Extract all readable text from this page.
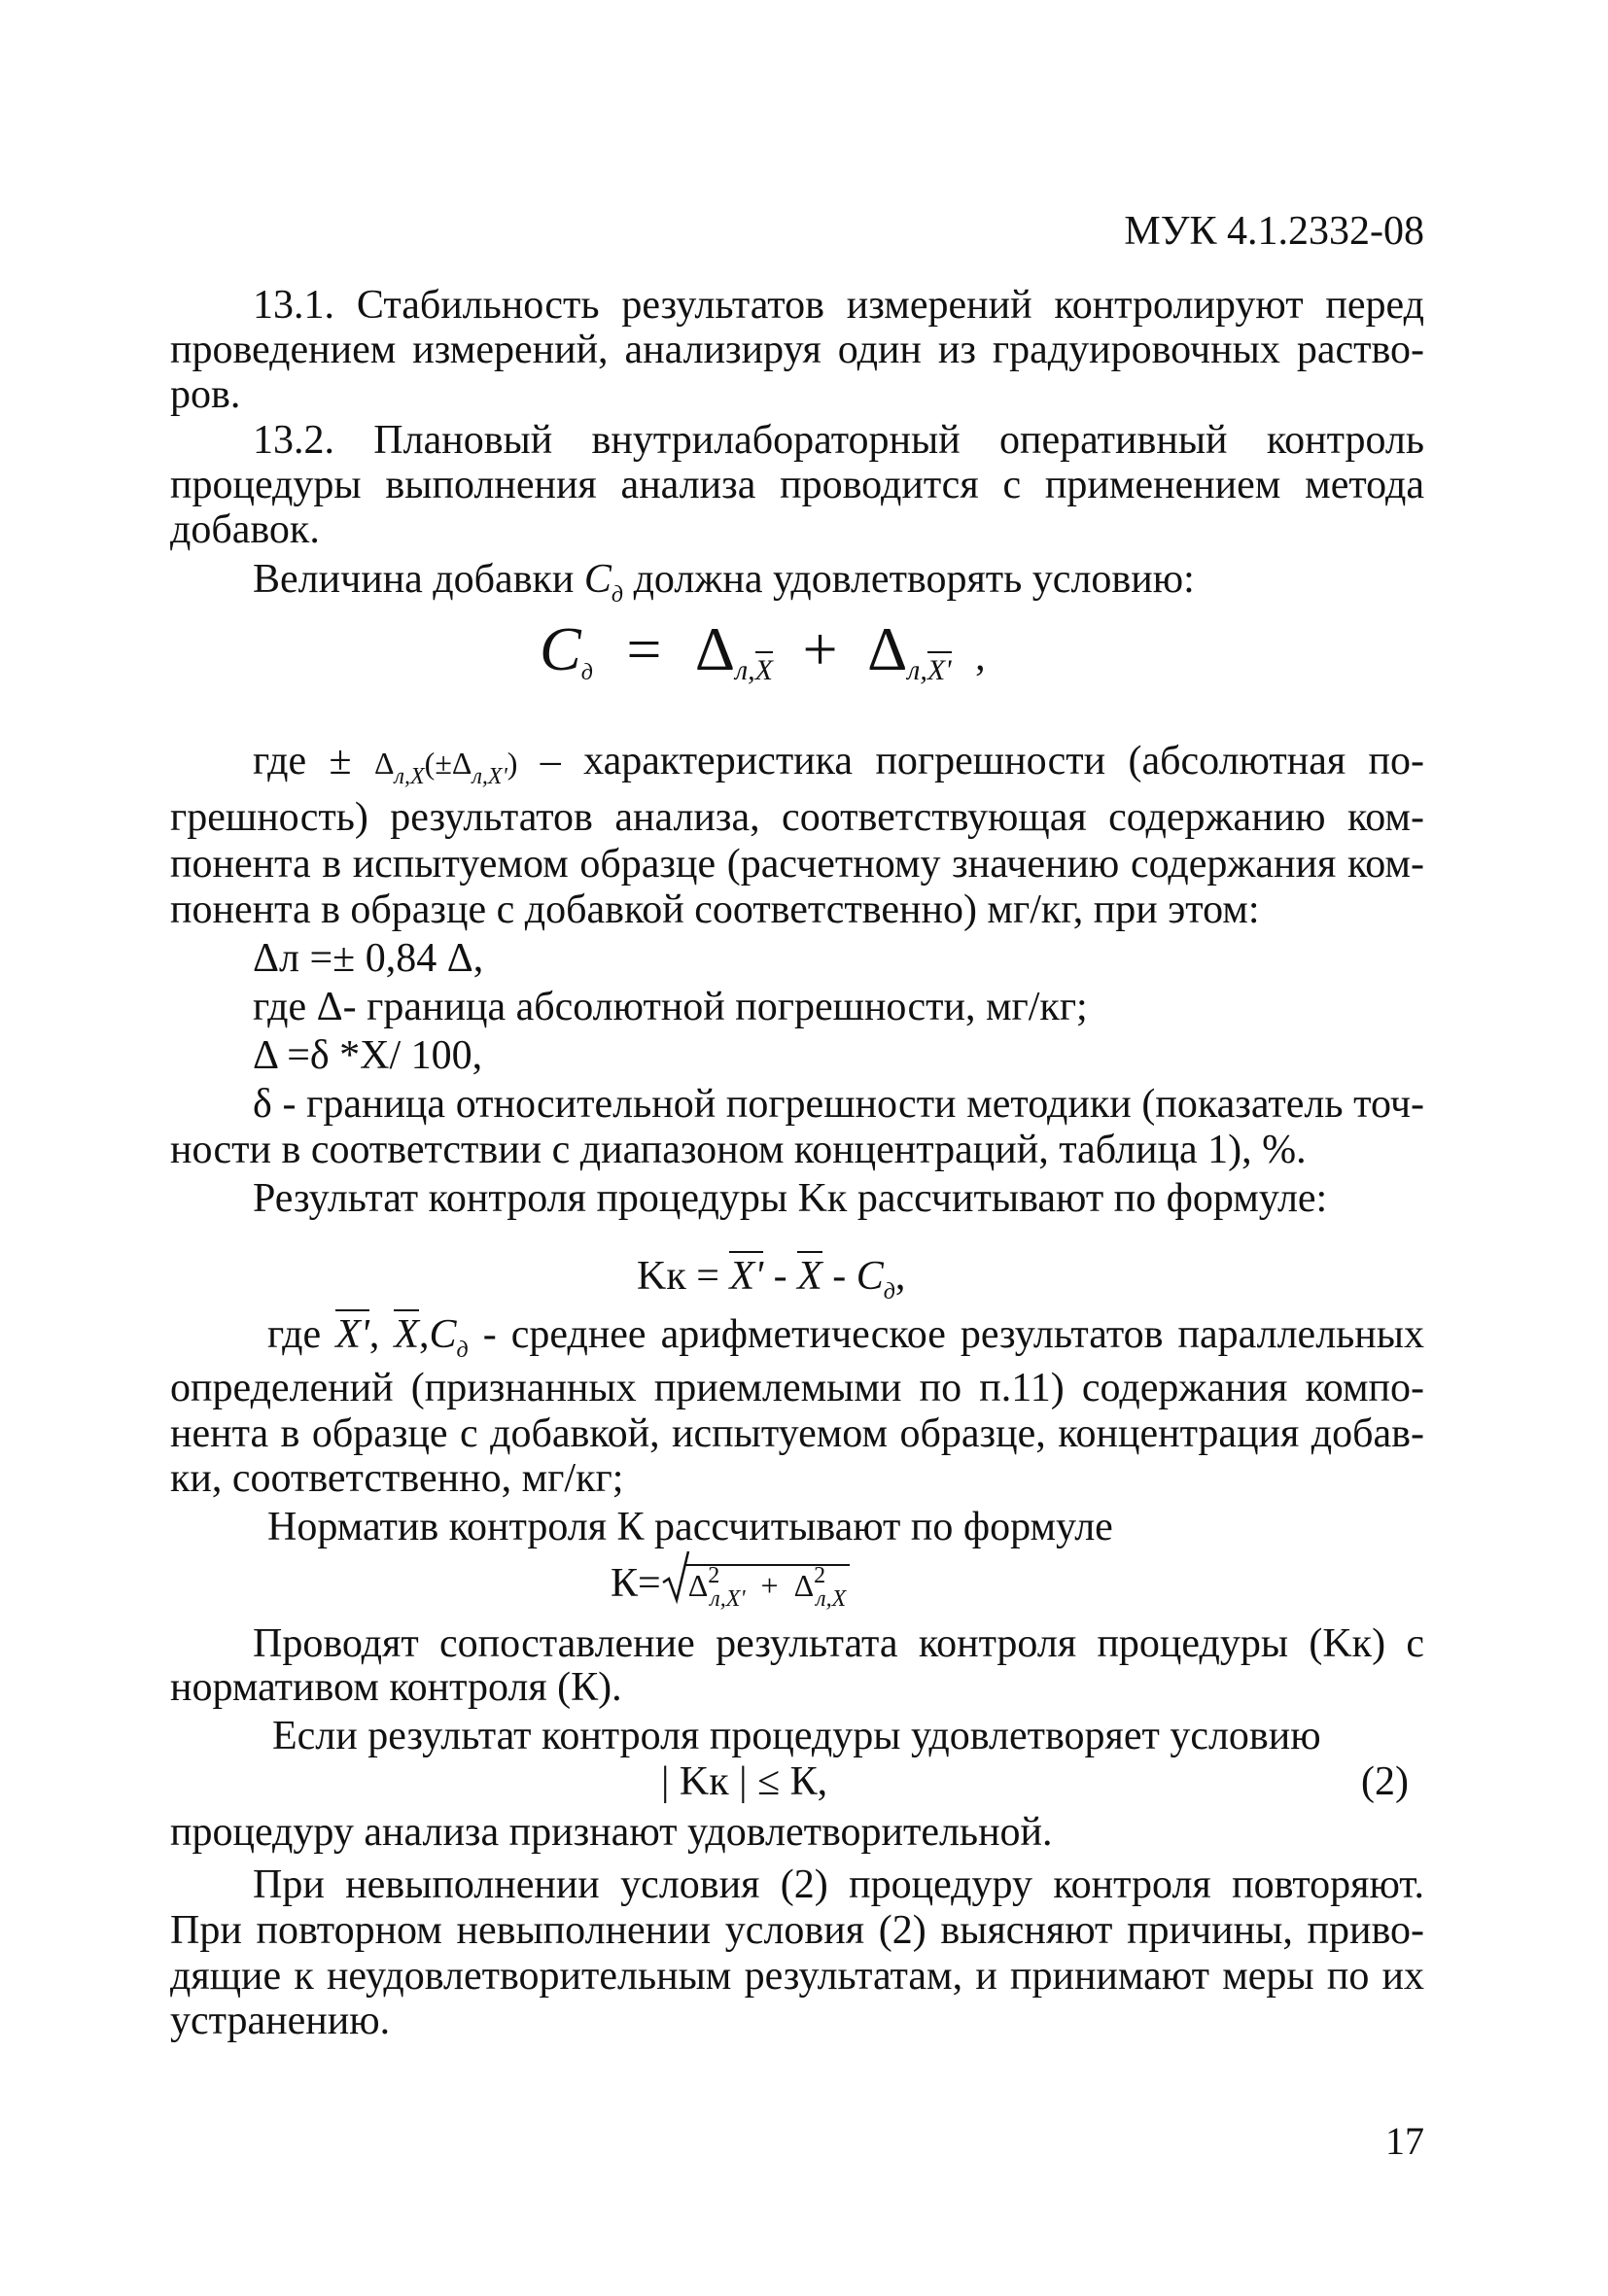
МУК 4.1.2332-08
13.1. Стабильность результатов измерений контролируют перед
проведением измерений, анализируя один из градуировочных раство-
ров.
13.2. Плановый внутрилабораторный оперативный контроль
процедуры выполнения анализа проводится с применением метода
добавок.
Величина добавки $C_д$ должна удовлетворять условию:
$C_д = \Delta_{л,X} + \Delta_{л,X'}$ ,
где ± $\Delta_{л,X}(\pm\Delta_{л,X'})$ – характеристика погрешности (абсолютная по-
грешность) результатов анализа, соответствующая содержанию ком-
понента в испытуемом образце (расчетному значению содержания ком-
понента в образце с добавкой соответственно) мг/кг, при этом:
Δл =± 0,84 Δ,
где Δ- граница абсолютной погрешности, мг/кг;
Δ =δ *Х/ 100,
δ - граница относительной погрешности методики (показатель точ-
ности в соответствии с диапазоном концентраций, таблица 1), %.
Результат контроля процедуры Kк рассчитывают по формуле:
Kк = X' - X - $C_д$,
где X', $X,C_д$ - среднее арифметическое результатов параллельных
определений (признанных приемлемыми по п.11) содержания компо-
нента в образце с добавкой, испытуемом образце, концентрация добав-
ки, соответственно, мг/кг;
Норматив контроля К рассчитывают по формуле
$К= \Delta^2_{л,X'} + \Delta^2_{л,X}$
Проводят сопоставление результата контроля процедуры (Kк) с
нормативом контроля (К).
Если результат контроля процедуры удовлетворяет условию
| Kк | ≤ К,	(2)
процедуру анализа признают удовлетворительной.
При невыполнении условия (2) процедуру контроля повторяют.
При повторном невыполнении условия (2) выясняют причины, приво-
дящие к неудовлетворительным результатам, и принимают меры по их
устранению.
17
